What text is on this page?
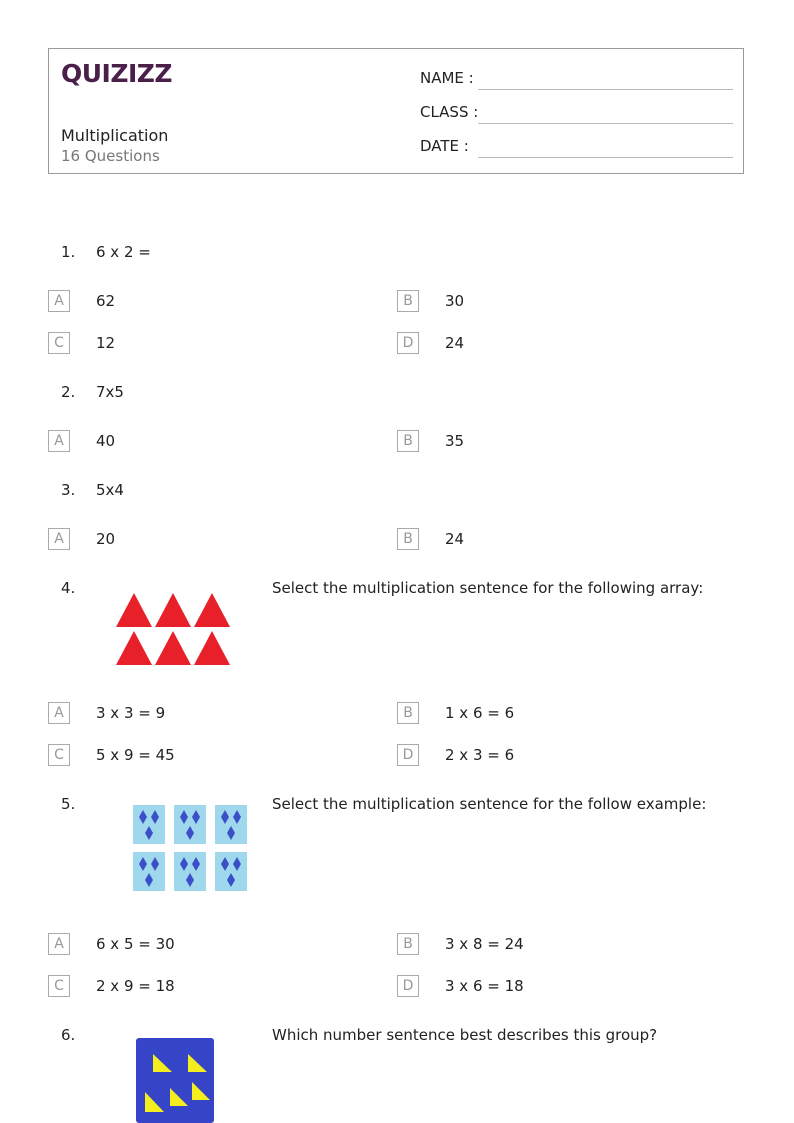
QUIZIZZ
Multiplication
16 Questions
NAME :
CLASS :
DATE :
1. 6 x 2 =
A	62	B	30
C	12	D	24
2. 7x5
A	40	B	35
3. 5x4
A	20	B	24
4.	Select the multiplication sentence for the following array:
A	3 x 3 = 9	B	1 x 6 = 6
C	5 x 9 = 45	D	2 x 3 = 6
5.	Select the multiplication sentence for the follow example:
A	6 x 5 = 30	B	3 x 8 = 24
C	2 x 9 = 18	D	3 x 6 = 18
6.	Which number sentence best describes this group?
